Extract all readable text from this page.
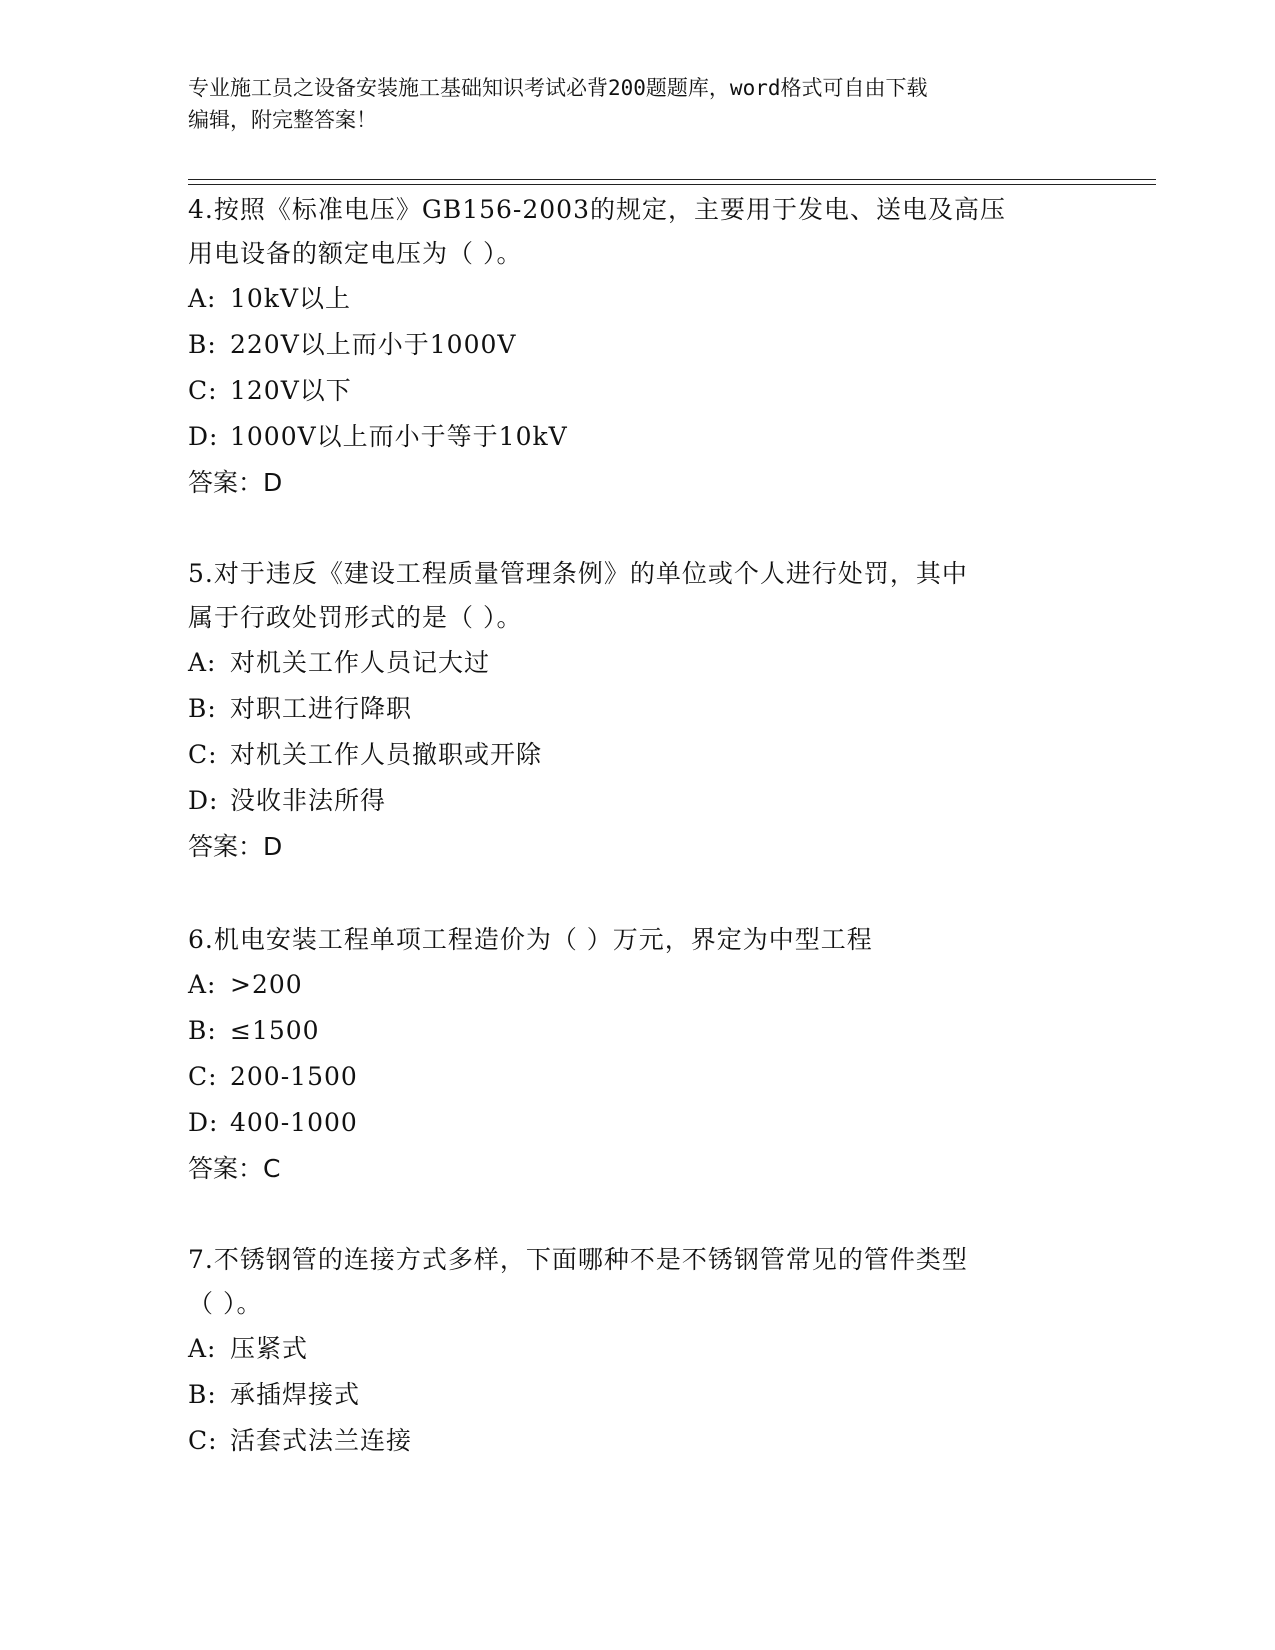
专业施工员之设备安装施工基础知识考试必背200题题库，word格式可自由下载
编辑，附完整答案！
4.按照《标准电压》GB156-2003的规定，主要用于发电、送电及高压
用电设备的额定电压为（ ）。
A: 10kV以上
B: 220V以上而小于1000V
C: 120V以下
D: 1000V以上而小于等于10kV
答案：D
5.对于违反《建设工程质量管理条例》的单位或个人进行处罚，其中
属于行政处罚形式的是（ ）。
A: 对机关工作人员记大过
B: 对职工进行降职
C: 对机关工作人员撤职或开除
D: 没收非法所得
答案：D
6.机电安装工程单项工程造价为（ ）万元，界定为中型工程
A: >200
B: ≤1500
C: 200-1500
D: 400-1000
答案：C
7.不锈钢管的连接方式多样，下面哪种不是不锈钢管常见的管件类型
（ ）。
A: 压紧式
B: 承插焊接式
C: 活套式法兰连接
